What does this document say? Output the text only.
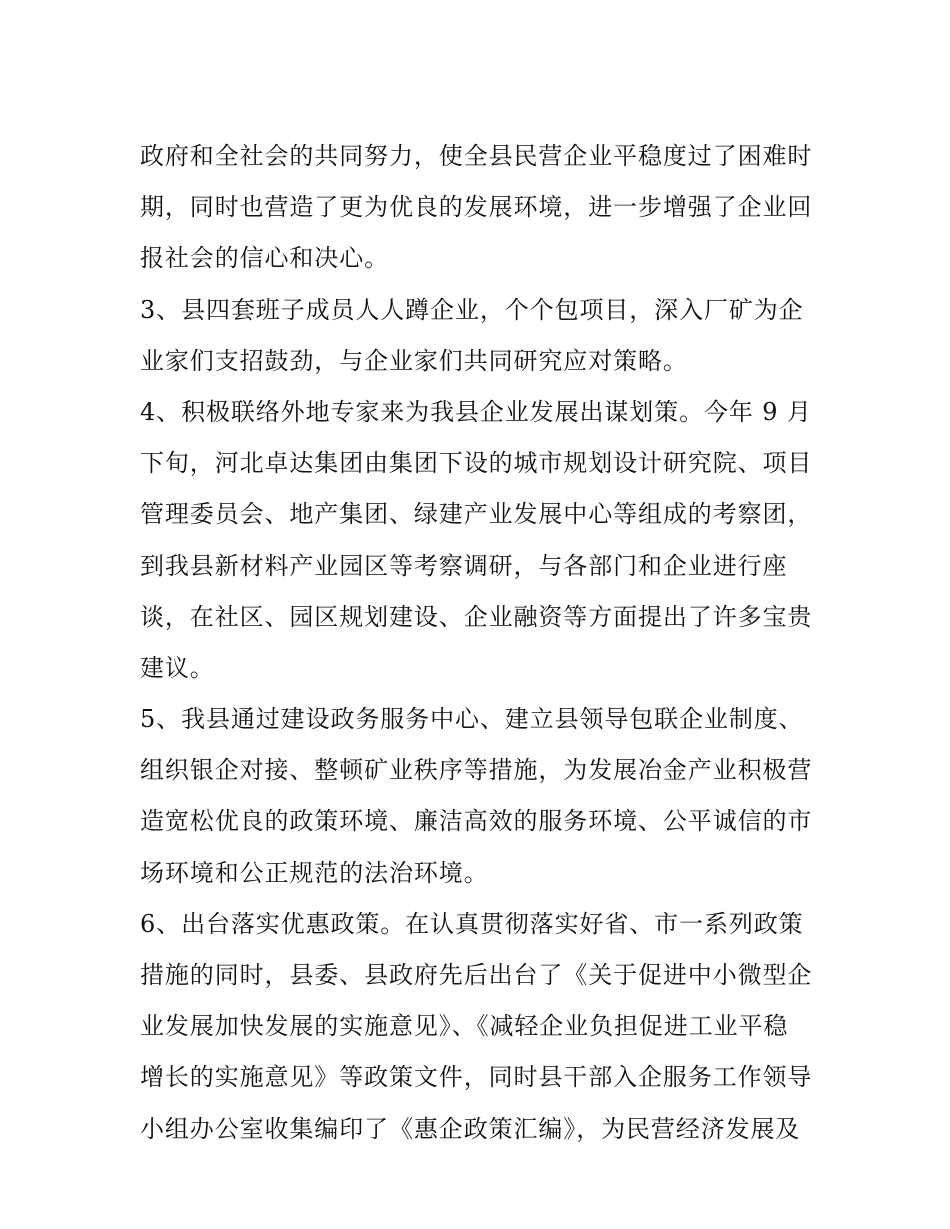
政府和全社会的共同努力，使全县民营企业平稳度过了困难时
期，同时也营造了更为优良的发展环境，进一步增强了企业回
报社会的信心和决心。
3、县四套班子成员人人蹲企业，个个包项目，深入厂矿为企
业家们支招鼓劲，与企业家们共同研究应对策略。
4、积极联络外地专家来为我县企业发展出谋划策。今年 9 月
下旬，河北卓达集团由集团下设的城市规划设计研究院、项目
管理委员会、地产集团、绿建产业发展中心等组成的考察团，
到我县新材料产业园区等考察调研，与各部门和企业进行座
谈，在社区、园区规划建设、企业融资等方面提出了许多宝贵
建议。
5、我县通过建设政务服务中心、建立县领导包联企业制度、
组织银企对接、整顿矿业秩序等措施，为发展冶金产业积极营
造宽松优良的政策环境、廉洁高效的服务环境、公平诚信的市
场环境和公正规范的法治环境。
6、出台落实优惠政策。在认真贯彻落实好省、市一系列政策
措施的同时，县委、县政府先后出台了《关于促进中小微型企
业发展加快发展的实施意见》、《减轻企业负担促进工业平稳
增长的实施意见》等政策文件，同时县干部入企服务工作领导
小组办公室收集编印了《惠企政策汇编》，为民营经济发展及
